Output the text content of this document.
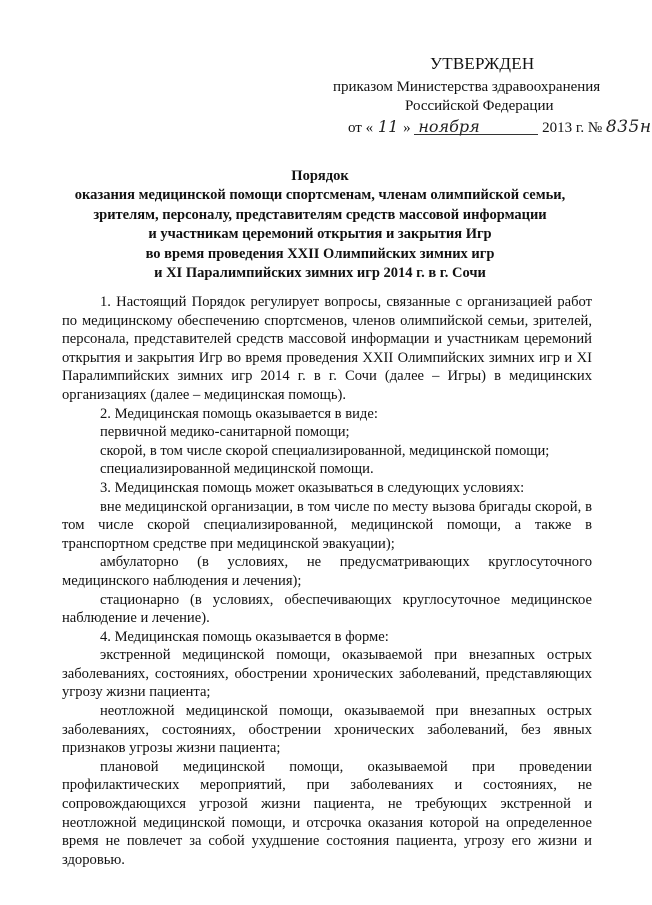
УТВЕРЖДЕН
приказом Министерства здравоохранения
Российской Федерации
от « 11 » ноября	2013 г. № 835н
Порядок
оказания медицинской помощи спортсменам, членам олимпийской семьи,
зрителям, персоналу, представителям средств массовой информации
и участникам церемоний открытия и закрытия Игр
во время проведения XXII Олимпийских зимних игр
и XI Паралимпийских зимних игр 2014 г. в г. Сочи

1. Настоящий Порядок регулирует вопросы, связанные с организацией работ по медицинскому обеспечению спортсменов, членов олимпийской семьи, зрителей, персонала, представителей средств массовой информации и участникам церемоний открытия и закрытия Игр во время проведения XXII Олимпийских зимних игр и XI Паралимпийских зимних игр 2014 г. в г. Сочи (далее – Игры) в медицинских организациях (далее – медицинская помощь).

2. Медицинская помощь оказывается в виде:

первичной медико-санитарной помощи;

скорой, в том числе скорой специализированной, медицинской помощи;

специализированной медицинской помощи.

3. Медицинская помощь может оказываться в следующих условиях:

вне медицинской организации, в том числе по месту вызова бригады скорой, в том числе скорой специализированной, медицинской помощи, а также в транспортном средстве при медицинской эвакуации);

амбулаторно (в условиях, не предусматривающих круглосуточного медицинского наблюдения и лечения);

стационарно (в условиях, обеспечивающих круглосуточное медицинское наблюдение и лечение).

4. Медицинская помощь оказывается в форме:

экстренной медицинской помощи, оказываемой при внезапных острых заболеваниях, состояниях, обострении хронических заболеваний, представляющих угрозу жизни пациента;

неотложной медицинской помощи, оказываемой при внезапных острых заболеваниях, состояниях, обострении хронических заболеваний, без явных признаков угрозы жизни пациента;

плановой медицинской помощи, оказываемой при проведении профилактических мероприятий, при заболеваниях и состояниях, не сопровождающихся угрозой жизни пациента, не требующих экстренной и неотложной медицинской помощи, и отсрочка оказания которой на определенное время не повлечет за собой ухудшение состояния пациента, угрозу его жизни и здоровью.
